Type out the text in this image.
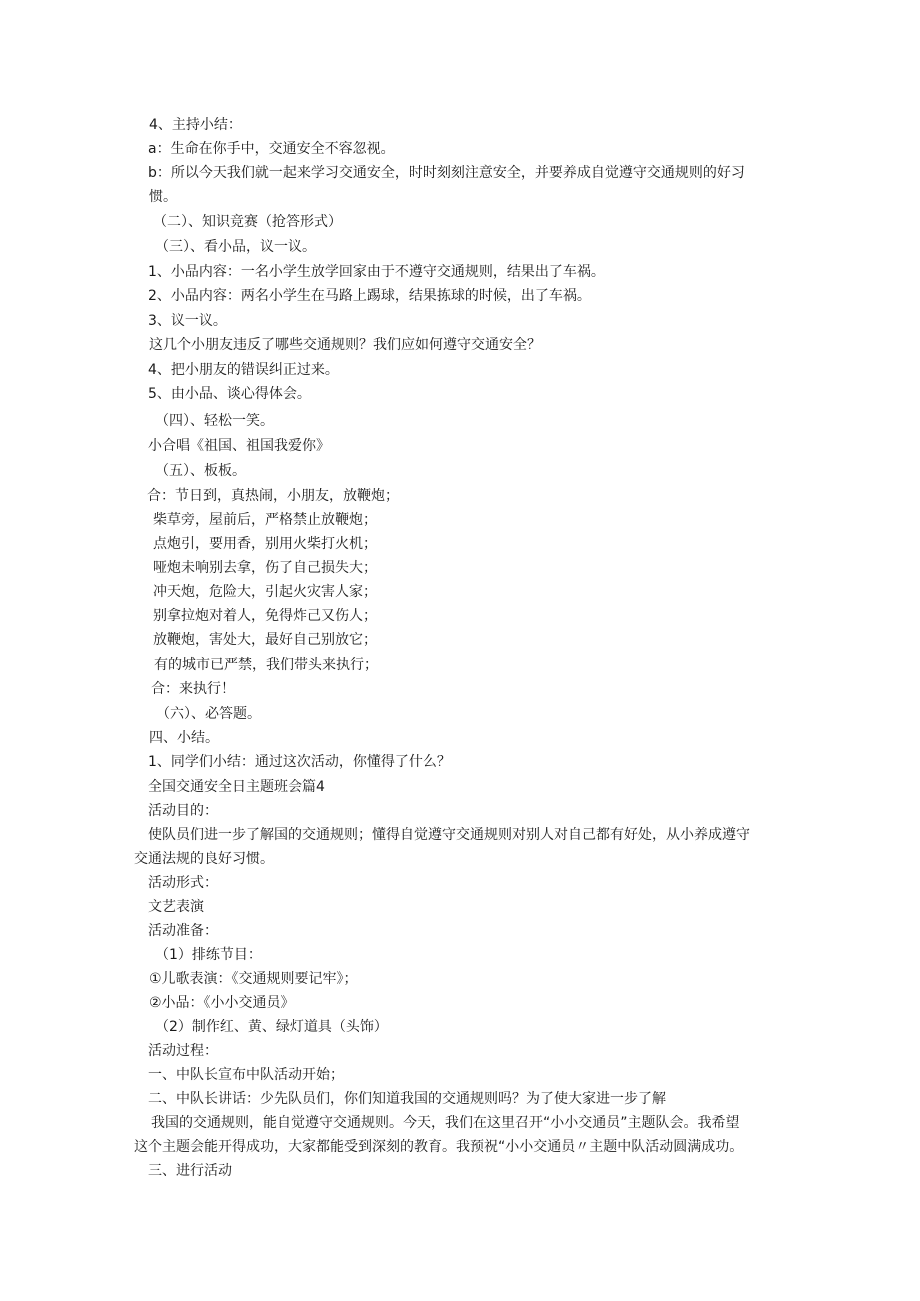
4、主持小结：
a：生命在你手中，交通安全不容忽视。
b：所以今天我们就一起来学习交通安全，时时刻刻注意安全，并要养成自觉遵守交通规则的好习
惯。
（二）、知识竞赛（抢答形式）
（三）、看小品，议一议。
1、小品内容：一名小学生放学回家由于不遵守交通规则，结果出了车祸。
2、小品内容：两名小学生在马路上踢球，结果拣球的时候，出了车祸。
3、议一议。
这几个小朋友违反了哪些交通规则？我们应如何遵守交通安全？
4、把小朋友的错误纠正过来。
5、由小品、谈心得体会。
（四）、轻松一笑。
小合唱《祖国、祖国我爱你》
（五）、板板。
合：节日到，真热闹，小朋友，放鞭炮；
柴草旁，屋前后，严格禁止放鞭炮；
点炮引，要用香，别用火柴打火机；
哑炮未响别去拿，伤了自己损失大；
冲天炮，危险大，引起火灾害人家；
别拿拉炮对着人，免得炸己又伤人；
放鞭炮，害处大，最好自己别放它；
有的城市已严禁，我们带头来执行；
合：来执行！
（六）、必答题。
四、小结。
1、同学们小结：通过这次活动，你懂得了什么？
全国交通安全日主题班会篇4
活动目的：
使队员们进一步了解国的交通规则；懂得自觉遵守交通规则对别人对自己都有好处，从小养成遵守
交通法规的良好习惯。
活动形式：
文艺表演
活动准备：
（1）排练节目：
①儿歌表演：《交通规则要记牢》；
②小品：《小小交通员》
（2）制作红、黄、绿灯道具（头饰）
活动过程：
一、中队长宣布中队活动开始；
二、中队长讲话：少先队员们，你们知道我国的交通规则吗？为了使大家进一步了解
我国的交通规则，能自觉遵守交通规则。今天，我们在这里召开“小小交通员”主题队会。我希望
这个主题会能开得成功，大家都能受到深刻的教育。我预祝“小小交通员〃主题中队活动圆满成功。
三、进行活动
